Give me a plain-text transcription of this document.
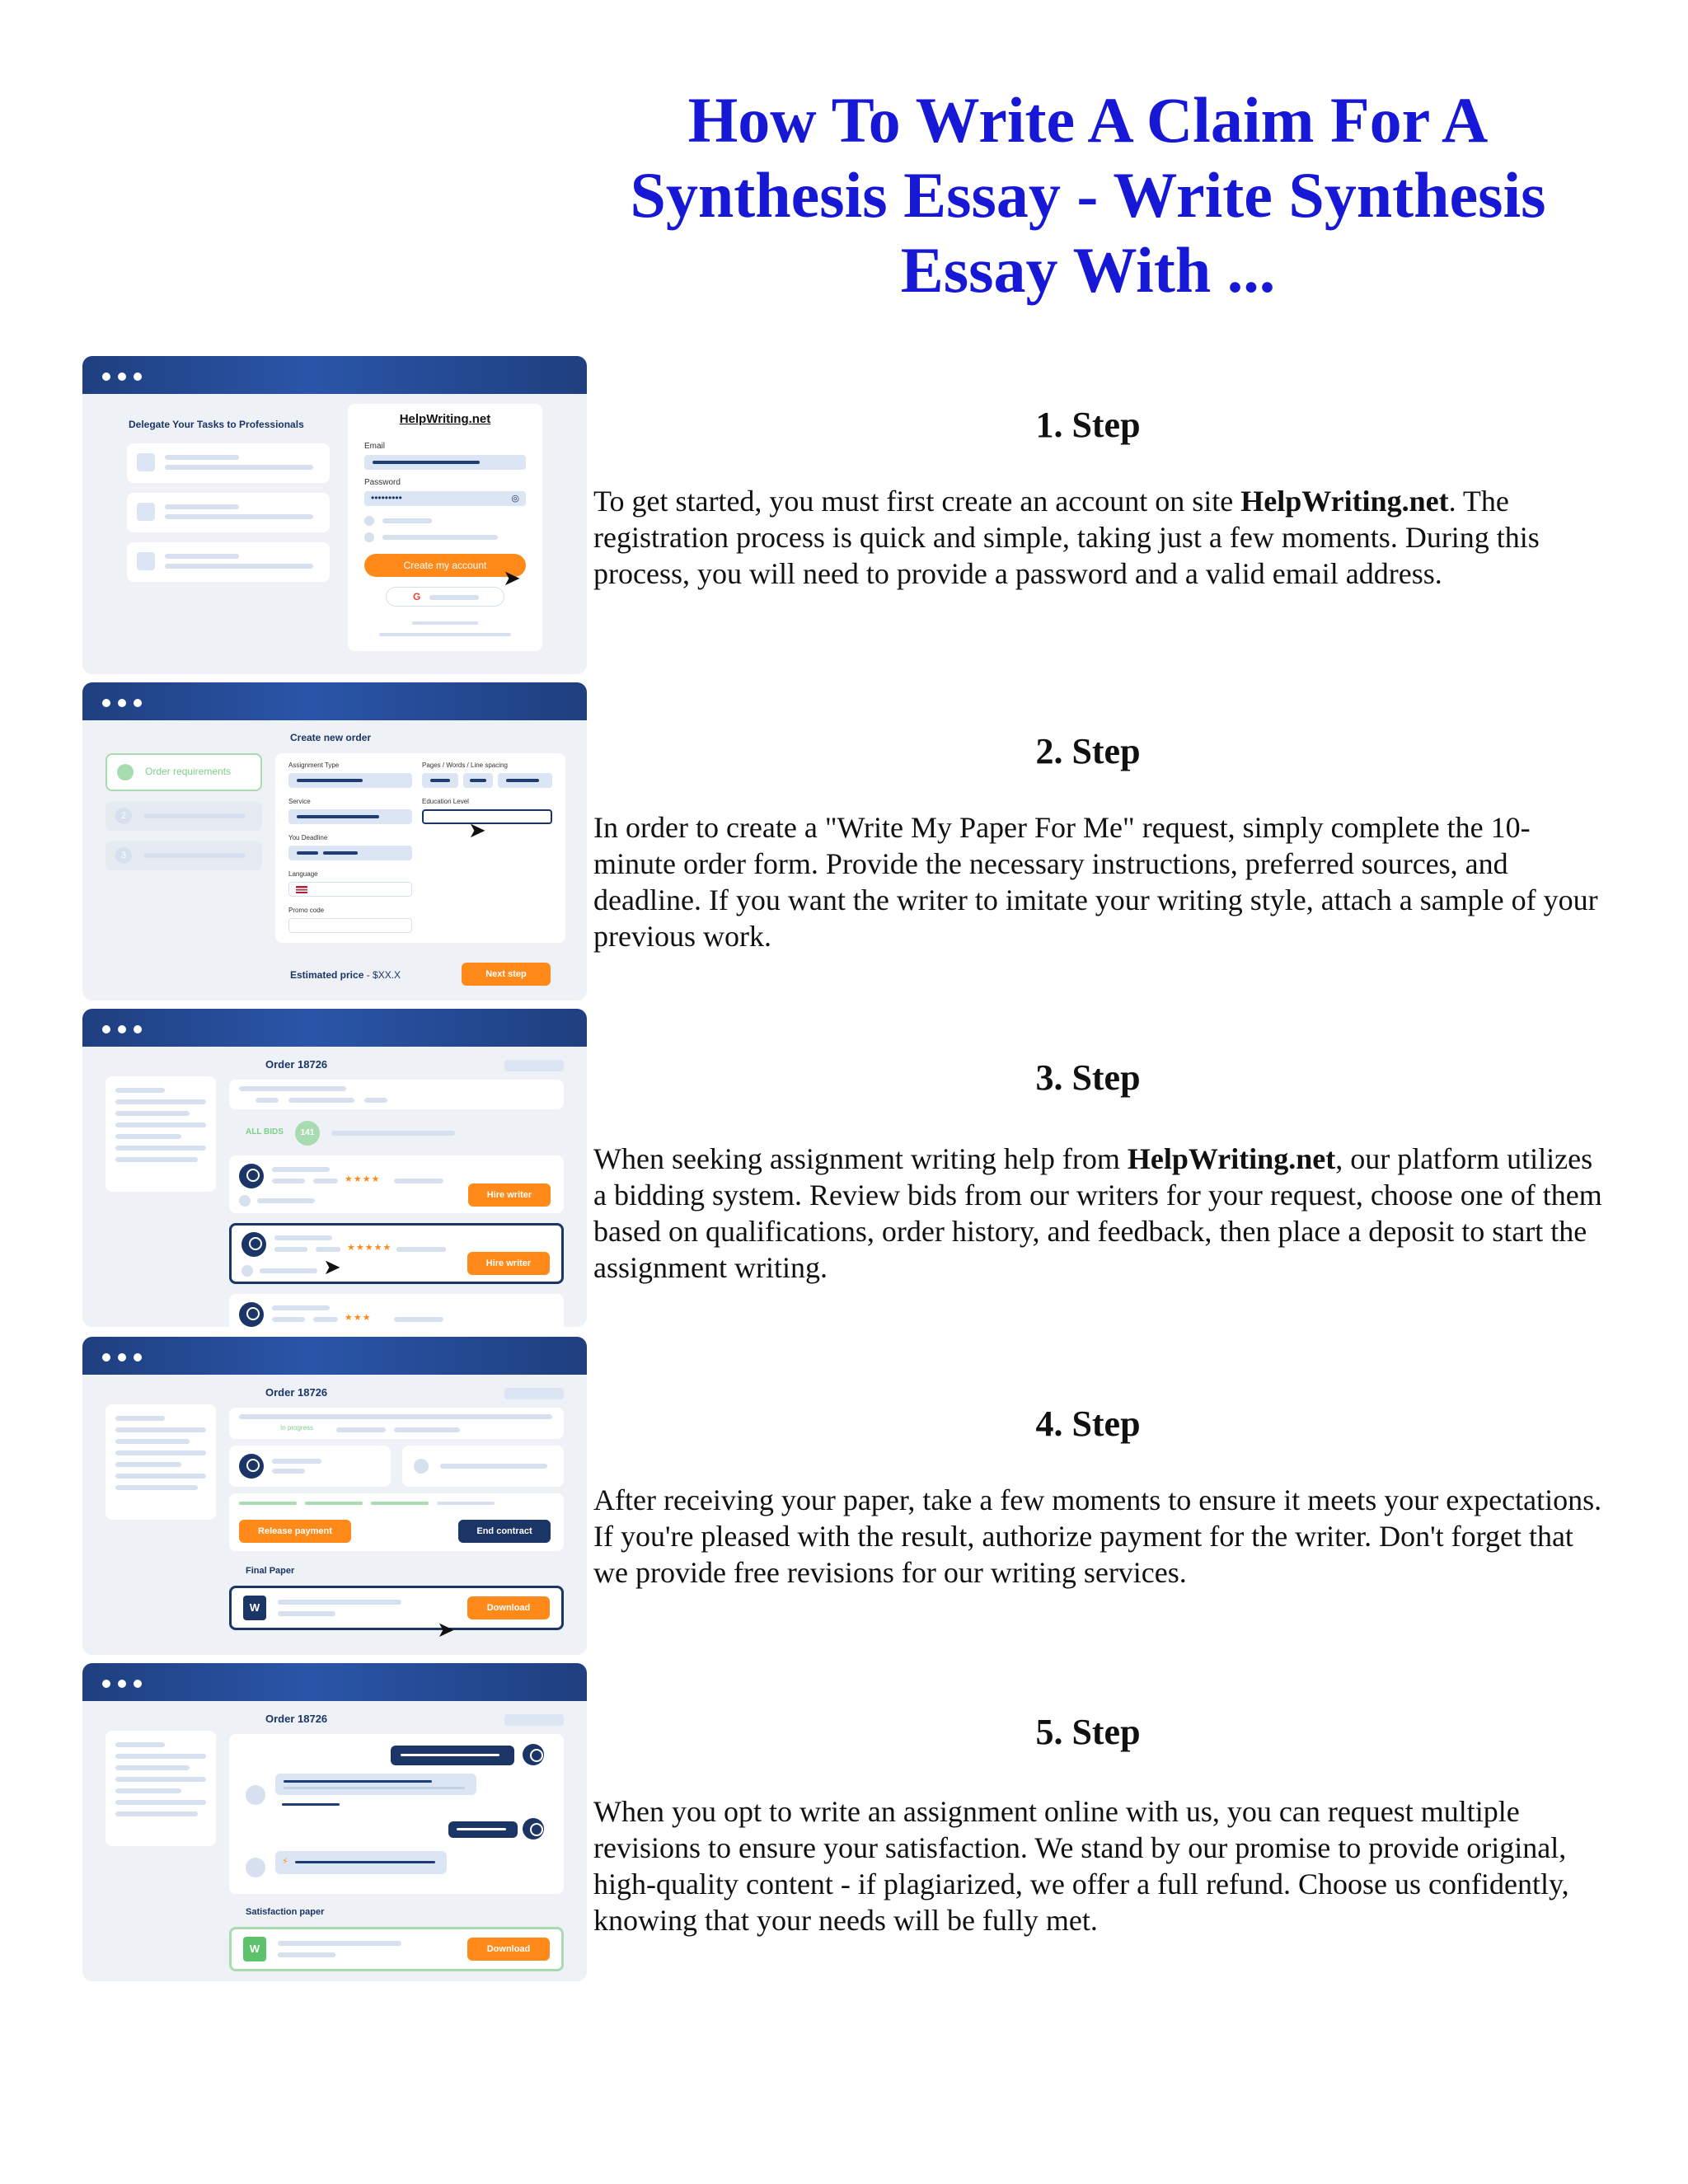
How To Write A Claim For A Synthesis Essay - Write Synthesis Essay With ...
Delegate Your Tasks to Professionals	HelpWriting.net
Email
Password
•••••••••	◎
Create my account
G
➤
Create new order
Order requirements
2
3
Assignment Type	Pages / Words / Line spacing
Service	Education Level
You Deadline
Language
Promo code
➤
Estimated price - $XX.X	Next step
Order 18726
ALL BIDS	141
★★★★
Hire writer
★★★★★
Hire writer
➤
★★★
Order 18726
In progress
Release payment	End contract
Final Paper
W	Download
➤
Order 18726
⚡
Satisfaction paper
W	Download
1. Step

To get started, you must first create an account on site HelpWriting.net. The registration process is quick and simple, taking just a few moments. During this process, you will need to provide a password and a valid email address.

2. Step

In order to create a "Write My Paper For Me" request, simply complete the 10-minute order form. Provide the necessary instructions, preferred sources, and deadline. If you want the writer to imitate your writing style, attach a sample of your previous work.

3. Step

When seeking assignment writing help from HelpWriting.net, our platform utilizes a bidding system. Review bids from our writers for your request, choose one of them based on qualifications, order history, and feedback, then place a deposit to start the assignment writing.

4. Step

After receiving your paper, take a few moments to ensure it meets your expectations. If you're pleased with the result, authorize payment for the writer. Don't forget that we provide free revisions for our writing services.

5. Step

When you opt to write an assignment online with us, you can request multiple revisions to ensure your satisfaction. We stand by our promise to provide original, high-quality content - if plagiarized, we offer a full refund. Choose us confidently, knowing that your needs will be fully met.
